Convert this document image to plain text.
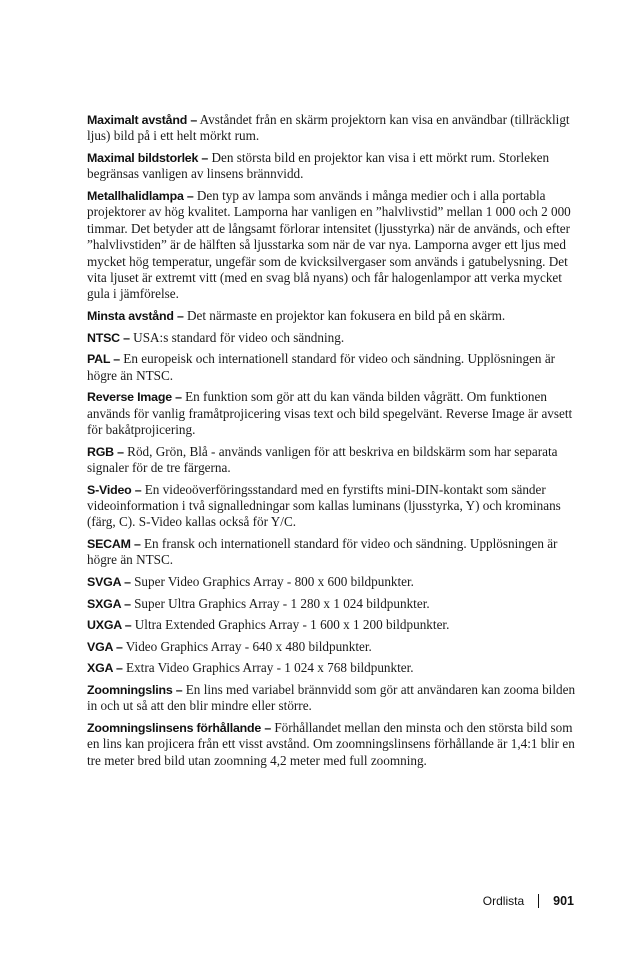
Maximalt avstånd – Avståndet från en skärm projektorn kan visa en användbar (tillräckligt ljus) bild på i ett helt mörkt rum.

Maximal bildstorlek – Den största bild en projektor kan visa i ett mörkt rum. Storleken begränsas vanligen av linsens brännvidd.

Metallhalidlampa – Den typ av lampa som används i många medier och i alla portabla projektorer av hög kvalitet. Lamporna har vanligen en ”halvlivstid” mellan 1 000 och 2 000 timmar. Det betyder att de långsamt förlorar intensitet (ljusstyrka) när de används, och efter ”halvlivstiden” är de hälften så ljusstarka som när de var nya. Lamporna avger ett ljus med mycket hög temperatur, ungefär som de kvicksilvergaser som används i gatubelysning. Det vita ljuset är extremt vitt (med en svag blå nyans) och får halogenlampor att verka mycket gula i jämförelse.

Minsta avstånd – Det närmaste en projektor kan fokusera en bild på en skärm.

NTSC – USA:s standard för video och sändning.

PAL – En europeisk och internationell standard för video och sändning. Upplösningen är högre än NTSC.

Reverse Image – En funktion som gör att du kan vända bilden vågrätt. Om funktionen används för vanlig framåtprojicering visas text och bild spegelvänt. Reverse Image är avsett för bakåtprojicering.

RGB – Röd, Grön, Blå - används vanligen för att beskriva en bildskärm som har separata signaler för de tre färgerna.

S-Video – En videoöverföringsstandard med en fyrstifts mini-DIN-kontakt som sänder videoinformation i två signalledningar som kallas luminans (ljusstyrka, Y) och krominans (färg, C). S-Video kallas också för Y/C.

SECAM – En fransk och internationell standard för video och sändning. Upplösningen är högre än NTSC.

SVGA – Super Video Graphics Array - 800 x 600 bildpunkter.

SXGA – Super Ultra Graphics Array - 1 280 x 1 024 bildpunkter.

UXGA – Ultra Extended Graphics Array - 1 600 x 1 200 bildpunkter.

VGA – Video Graphics Array - 640 x 480 bildpunkter.

XGA – Extra Video Graphics Array - 1 024 x 768 bildpunkter.

Zoomningslins – En lins med variabel brännvidd som gör att användaren kan zooma bilden in och ut så att den blir mindre eller större.

Zoomningslinsens förhållande – Förhållandet mellan den minsta och den största bild som en lins kan projicera från ett visst avstånd. Om zoomningslinsens förhållande är 1,4:1 blir en tre meter bred bild utan zoomning 4,2 meter med full zoomning.

Ordlista 901
